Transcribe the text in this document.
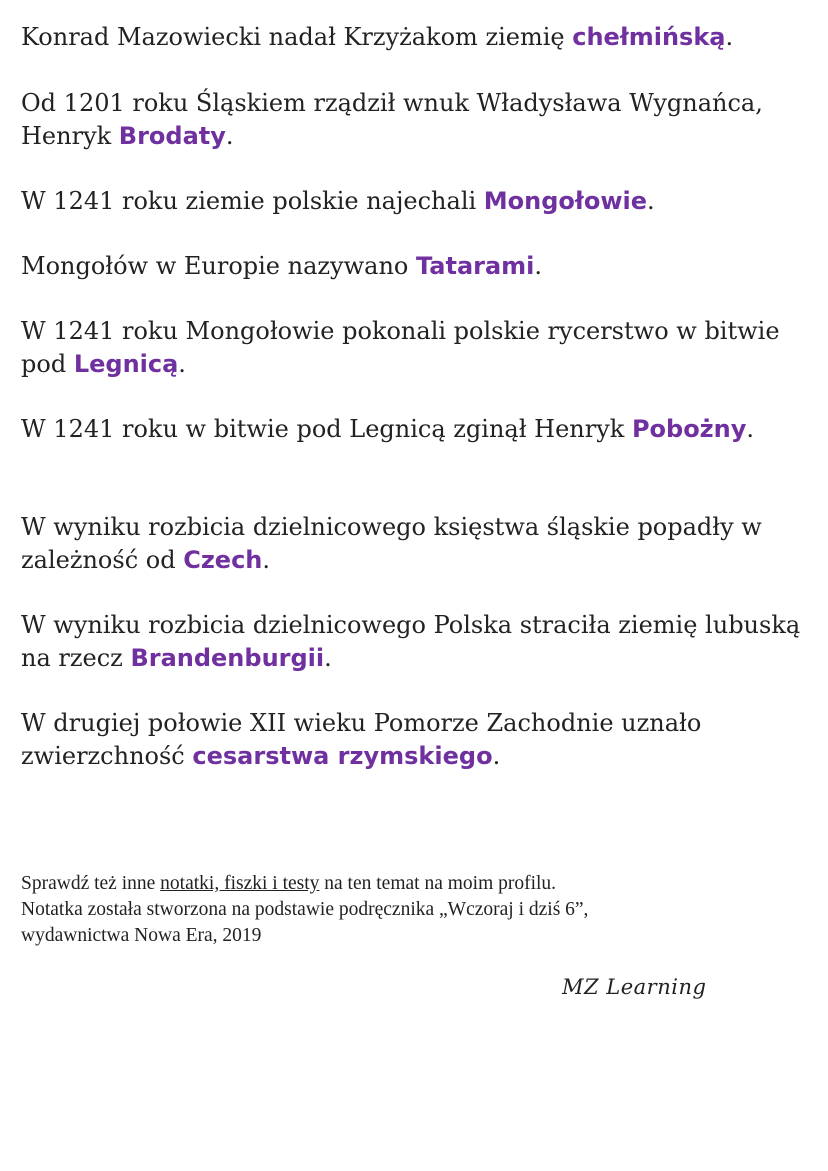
Konrad Mazowiecki nadał Krzyżakom ziemię chełmińską.

Od 1201 roku Śląskiem rządził wnuk Władysława Wygnańca, Henryk Brodaty.

W 1241 roku ziemie polskie najechali Mongołowie.

Mongołów w Europie nazywano Tatarami.

W 1241 roku Mongołowie pokonali polskie rycerstwo w bitwie pod Legnicą.

W 1241 roku w bitwie pod Legnicą zginął Henryk Pobożny.

W wyniku rozbicia dzielnicowego księstwa śląskie popadły w zależność od Czech.

W wyniku rozbicia dzielnicowego Polska straciła ziemię lubuską na rzecz Brandenburgii.

W drugiej połowie XII wieku Pomorze Zachodnie uznało zwierzchność cesarstwa rzymskiego.

Sprawdź też inne notatki, fiszki i testy na ten temat na moim profilu.

Notatka została stworzona na podstawie podręcznika „Wczoraj i dziś 6”,

wydawnictwa Nowa Era, 2019

MZ Learning
